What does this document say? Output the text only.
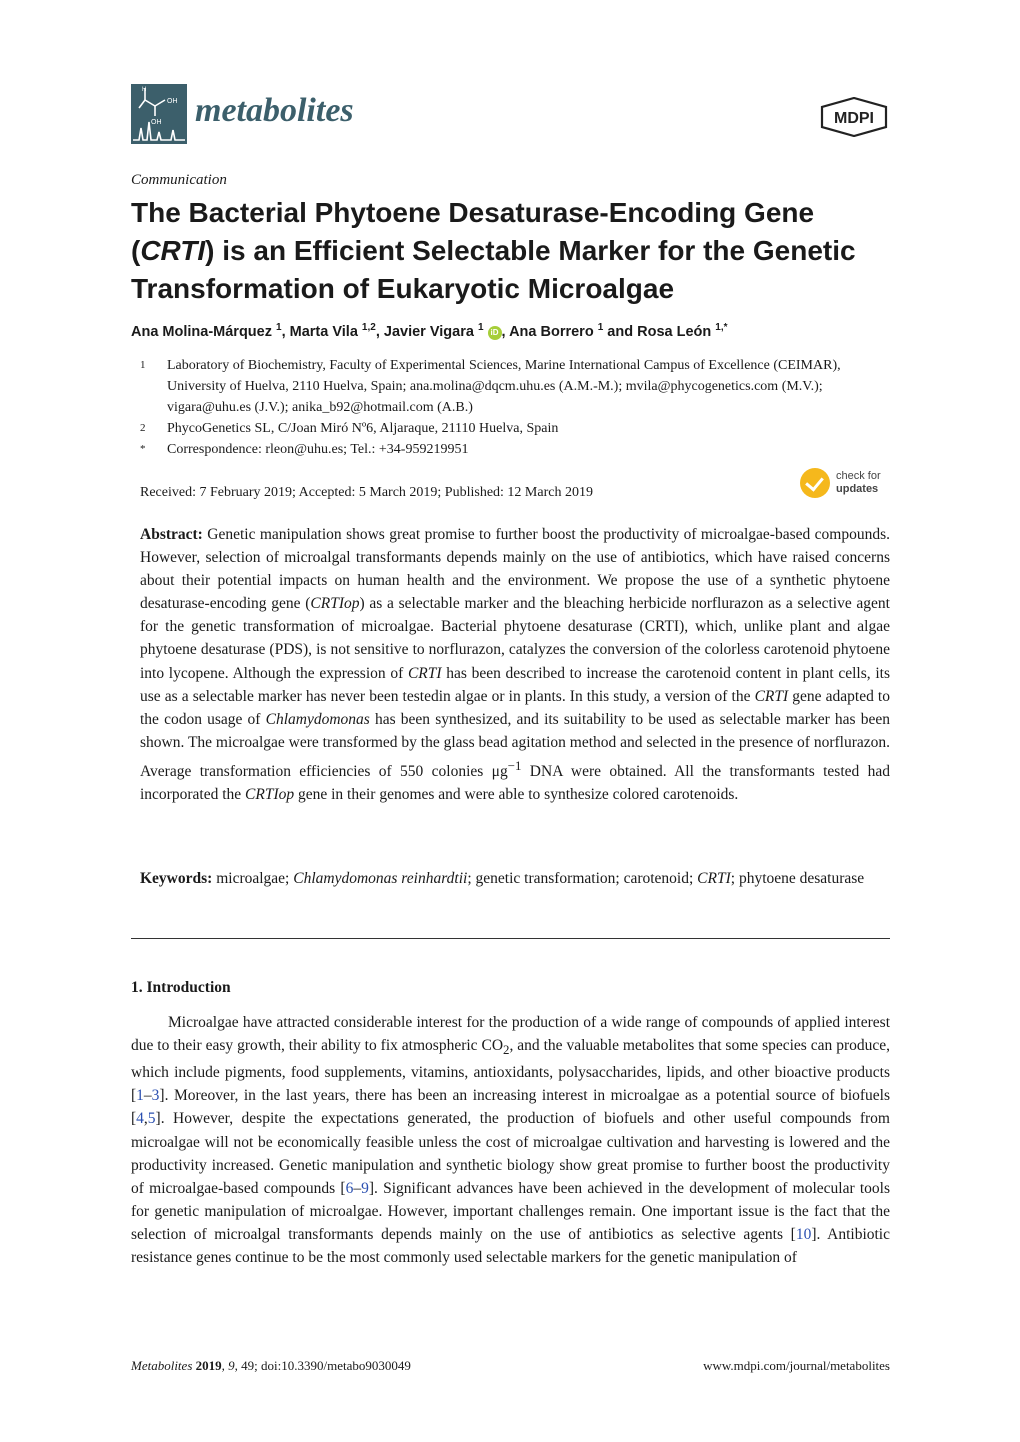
H
OH
OH metabolites	MDPI
Communication
The Bacterial Phytoene Desaturase-Encoding Gene (CRTI) is an Efficient Selectable Marker for the Genetic Transformation of Eukaryotic Microalgae
Ana Molina-Márquez $^1$, Marta Vila $^{1,2}$, Javier Vigara $^1$ iD , Ana Borrero $^1$ and Rosa León $^{1,*}$
1 Laboratory of Biochemistry, Faculty of Experimental Sciences, Marine International Campus of Excellence (CEIMAR), University of Huelva, 2110 Huelva, Spain; ana.molina@dqcm.uhu.es (A.M.-M.); mvila@phycogenetics.com (M.V.); vigara@uhu.es (J.V.); anika_b92@hotmail.com (A.B.)
2 PhycoGenetics SL, C/Joan Miró Nº6, Aljaraque, 21110 Huelva, Spain
* Correspondence: rleon@uhu.es; Tel.: +34-959219951
Received: 7 February 2019; Accepted: 5 March 2019; Published: 12 March 2019
check for
updates
Abstract: Genetic manipulation shows great promise to further boost the productivity of microalgae-based compounds. However, selection of microalgal transformants depends mainly on the use of antibiotics, which have raised concerns about their potential impacts on human health and the environment. We propose the use of a synthetic phytoene desaturase-encoding gene (CRTIop) as a selectable marker and the bleaching herbicide norflurazon as a selective agent for the genetic transformation of microalgae. Bacterial phytoene desaturase (CRTI), which, unlike plant and algae phytoene desaturase (PDS), is not sensitive to norflurazon, catalyzes the conversion of the colorless carotenoid phytoene into lycopene. Although the expression of CRTI has been described to increase the carotenoid content in plant cells, its use as a selectable marker has never been testedin algae or in plants. In this study, a version of the CRTI gene adapted to the codon usage of Chlamydomonas has been synthesized, and its suitability to be used as selectable marker has been shown. The microalgae were transformed by the glass bead agitation method and selected in the presence of norflurazon. Average transformation efficiencies of 550 colonies $\mu g^{-1}$ DNA were obtained. All the transformants tested had incorporated the CRTIop gene in their genomes and were able to synthesize colored carotenoids.
Keywords: microalgae; Chlamydomonas reinhardtii; genetic transformation; carotenoid; CRTI; phytoene desaturase
1. Introduction
Microalgae have attracted considerable interest for the production of a wide range of compounds of applied interest due to their easy growth, their ability to fix atmospheric $CO_2$, and the valuable metabolites that some species can produce, which include pigments, food supplements, vitamins, antioxidants, polysaccharides, lipids, and other bioactive products [1–3]. Moreover, in the last years, there has been an increasing interest in microalgae as a potential source of biofuels [4,5]. However, despite the expectations generated, the production of biofuels and other useful compounds from microalgae will not be economically feasible unless the cost of microalgae cultivation and harvesting is lowered and the productivity increased. Genetic manipulation and synthetic biology show great promise to further boost the productivity of microalgae-based compounds [6–9]. Significant advances have been achieved in the development of molecular tools for genetic manipulation of microalgae. However, important challenges remain. One important issue is the fact that the selection of microalgal transformants depends mainly on the use of antibiotics as selective agents [10]. Antibiotic resistance genes continue to be the most commonly used selectable markers for the genetic manipulation of
Metabolites 2019, 9, 49; doi:10.3390/metabo9030049	www.mdpi.com/journal/metabolites
